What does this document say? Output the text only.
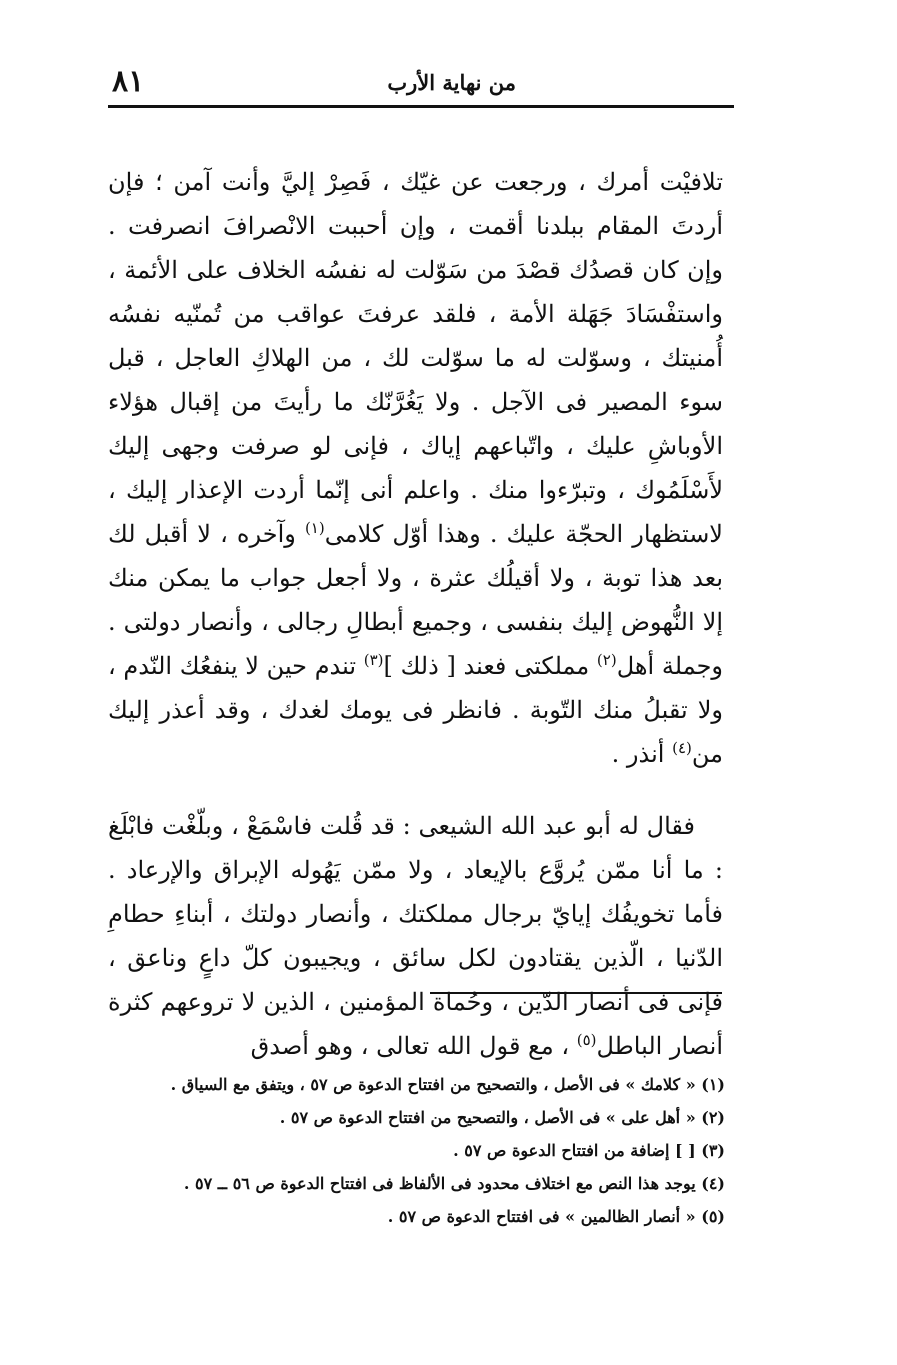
من نهاية الأرب
٨١

تلافيْت أمرك ، ورجعت عن غيّك ، فَصِرْ إليَّ وأنت آمن ؛ فإن أردتَ المقام ببلدنا أقمت ، وإن أحببت الانْصرافَ انصرفت . وإن كان قصدُك قصْدَ من سَوّلت له نفسُه الخلاف على الأئمة ، واستفْسَادَ جَهَلة الأمة ، فلقد عرفتَ عواقب من تُمنّيه نفسُه أُمنيتك ، وسوّلت له ما سوّلت لك ، من الهلاكِ العاجل ، قبل سوء المصير فى الآجل . ولا يَغُرَّنّك ما رأيتَ من إقبال هؤلاء الأوباشِ عليك ، واتّباعهم إياك ، فإنى لو صرفت وجهى إليك لأَسْلَمُوك ، وتبرّءوا منك . واعلم أنى إنّما أردت الإعذار إليك ، لاستظهار الحجّة عليك . وهذا أوّل كلامى$^{(١)}$ وآخره ، لا أقبل لك بعد هذا توبة ، ولا أقيلُك عثرة ، ولا أجعل جواب ما يمكن منك إلا النُّهوض إليك بنفسى ، وجميع أبطالِ رجالى ، وأنصار دولتى . وجملة أهل$^{(٢)}$ مملكتى فعند [ ذلك ]$^{(٣)}$ تندم حين لا ينفعُك النّدم ، ولا تقبلُ منك التّوبة . فانظر فى يومك لغدك ، وقد أعذر إليك من$^{(٤)}$ أنذر .

فقال له أبو عبد الله الشيعى : قد قُلت فاسْمَعْ ، وبلّغْت فابْلَغ : ما أنا ممّن يُروَّع بالإيعاد ، ولا ممّن يَهُوله الإبراق والإرعاد . فأما تخويفُك إيايّ برجال مملكتك ، وأنصار دولتك ، أبناءِ حطامِ الدّنيا ، الّذين يقتادون لكل سائق ، ويجيبون كلّ داعٍ وناعق ، فإنى فى أنصار الدّين ، وحُماة المؤمنين ، الذين لا تروعهم كثرة أنصار الباطل$^{(٥)}$ ، مع قول الله تعالى ، وهو أصدق

(١) « كلامك » فى الأصل ، والتصحيح من افتتاح الدعوة ص ٥٧ ، ويتفق مع السياق .
(٢) « أهل على » فى الأصل ، والتصحيح من افتتاح الدعوة ص ٥٧ .
(٣) [ ] إضافة من افتتاح الدعوة ص ٥٧ .
(٤) يوجد هذا النص مع اختلاف محدود فى الألفاظ فى افتتاح الدعوة ص ٥٦ ــ ٥٧ .
(٥) « أنصار الظالمين » فى افتتاح الدعوة ص ٥٧ .
